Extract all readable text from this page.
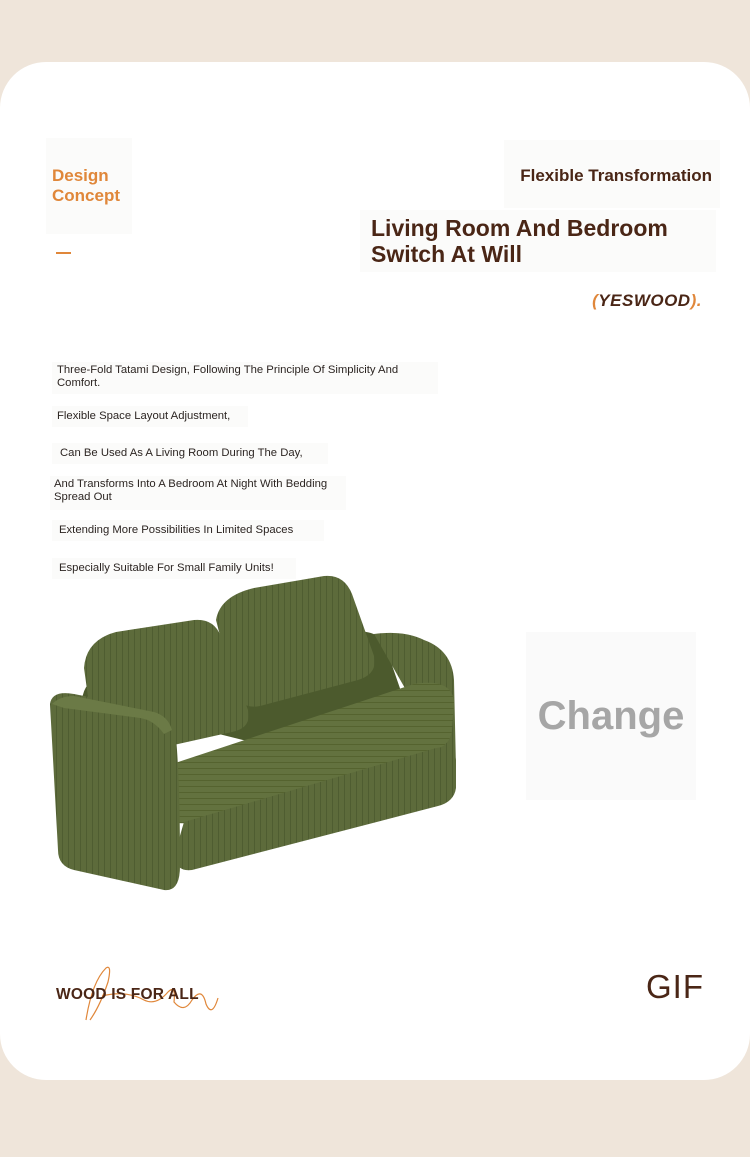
Design
Concept
Flexible Transformation
Living Room And Bedroom
Switch At Will
(YESWOOD).
Three-Fold Tatami Design, Following The Principle Of Simplicity And Comfort.
Flexible Space Layout Adjustment,
Can Be Used As A Living Room During The Day,
And Transforms Into A Bedroom At Night With Bedding Spread Out
Extending More Possibilities In Limited Spaces
Especially Suitable For Small Family Units!
Change
WOOD IS FOR ALL	GIF
